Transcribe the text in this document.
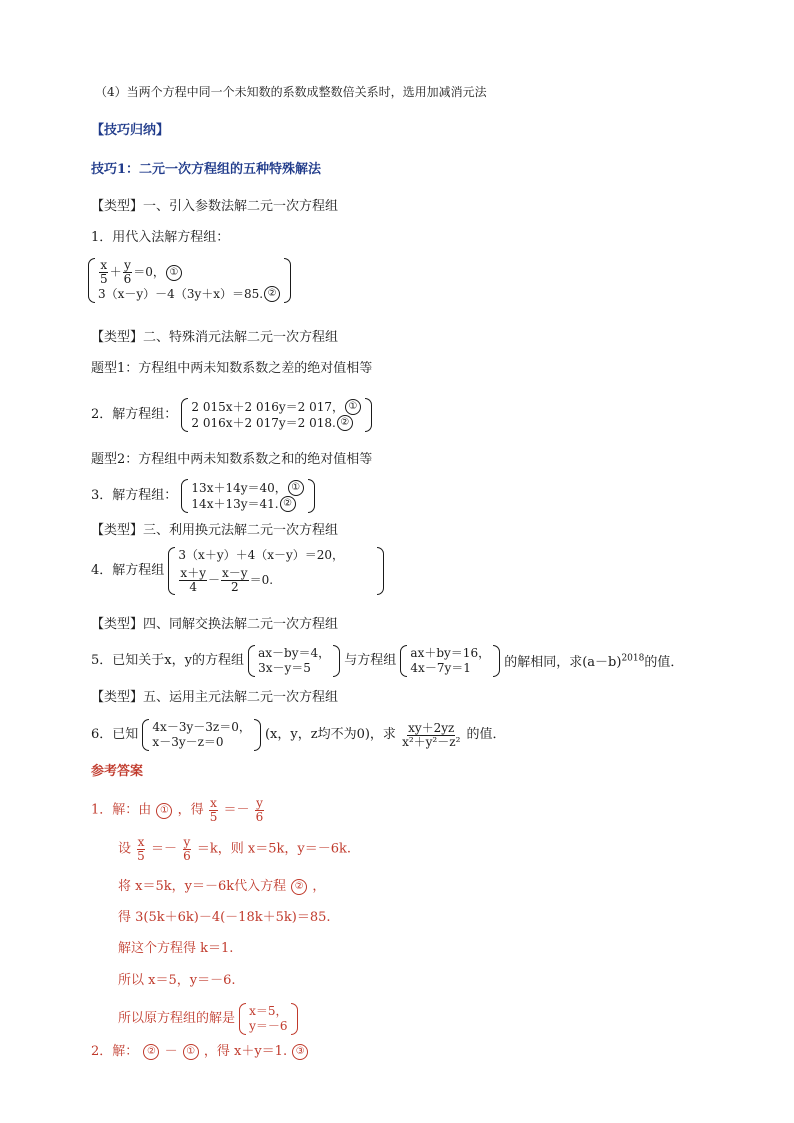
（4）当两个方程中同一个未知数的系数成整数倍关系时，选用加减消元法
【技巧归纳】
技巧1：二元一次方程组的五种特殊解法
【类型】一、引入参数法解二元一次方程组
1．用代入法解方程组：
$\frac{x}{5} + \frac{y}{6} =0$， ①
3（x－y）－4（3y＋x）＝85. ②
【类型】二、特殊消元法解二元一次方程组
题型1：方程组中两未知数系数之差的绝对值相等
2．解方程组：
2 015x＋2 016y＝2 017， ①
2 016x＋2 017y＝2 018. ②
题型2：方程组中两未知数系数之和的绝对值相等
3．解方程组：
13x＋14y＝40， ①
14x＋13y＝41. ②
【类型】三、利用换元法解二元一次方程组
4．解方程组
3（x＋y）＋4（x－y）＝20，
$\frac{x+y}{4} - \frac{x-y}{2} =0$.
【类型】四、同解交换法解二元一次方程组
5．已知关于x，y的方程组 ax－by＝4，
3x－y＝5	与方程组 ax＋by＝16，
4x－7y＝1	的解相同，求$(a-b)^{2018}$的值．
【类型】五、运用主元法解二元一次方程组
6．已知 4x－3y－3z＝0，
x－3y－z＝0	(x，y，z均不为0)，求 $\frac{xy+2yz}{\text{x²＋y²－z²}}$ 的值．
参考答案
1．解：由 ① ，得 $\frac{x}{5} =- \frac{y}{6}$
设 $\frac{x}{5} =- \frac{y}{6} =k$，则 x＝5k，y＝－6k.
将 x＝5k，y＝－6k代入方程 ② ，
得 3(5k＋6k)－4(－18k＋5k)＝85.
解这个方程得 k＝1.
所以 x＝5，y＝－6.
所以原方程组的解是 x＝5，
y＝－6
2．解： ② － ① ，得 x＋y＝1. ③
